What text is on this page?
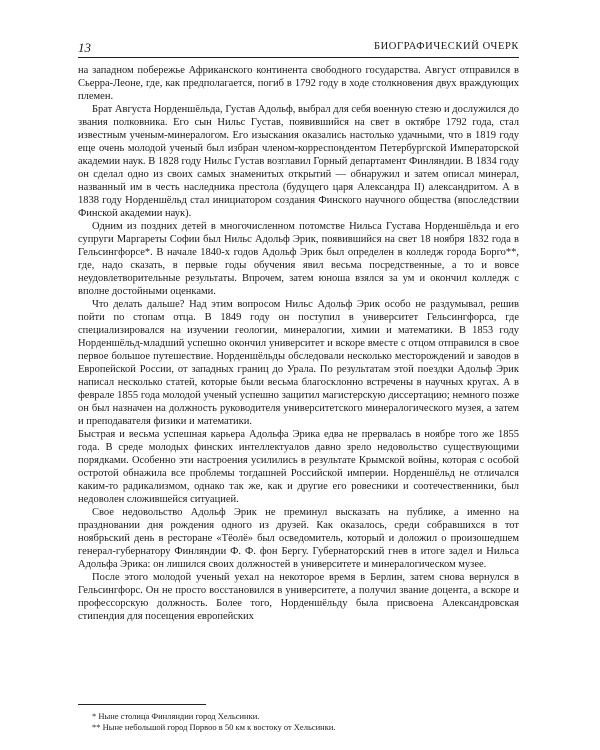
13	БИОГРАФИЧЕСКИЙ ОЧЕРК

на западном побережье Африканского континента свободного государства. Август отправился в Сьерра-Леоне, где, как предполагается, погиб в 1792 году в ходе столкновения двух враждующих племен.

Брат Августа Норденшёльда, Густав Адольф, выбрал для себя военную стезю и дослужился до звания полковника. Его сын Нильс Густав, появившийся на свет в октябре 1792 года, стал известным ученым-минералогом. Его изыскания оказались настолько удачными, что в 1819 году еще очень молодой ученый был избран членом-корреспондентом Петербургской Императорской академии наук. В 1828 году Нильс Густав возглавил Горный департамент Финляндии. В 1834 году он сделал одно из своих самых знаменитых открытий — обнаружил и затем описал минерал, названный им в честь наследника престола (будущего царя Александра II) александритом. А в 1838 году Норденшёльд стал инициатором создания Финского научного общества (впоследствии Финской академии наук).

Одним из поздних детей в многочисленном потомстве Нильса Густава Норденшёльда и его супруги Маргареты Софии был Нильс Адольф Эрик, появившийся на свет 18 ноября 1832 года в Гельсингфорсе*. В начале 1840-х годов Адольф Эрик был определен в колледж города Борго**, где, надо сказать, в первые годы обучения явил весьма посредственные, а то и вовсе неудовлетворительные результаты. Впрочем, затем юноша взялся за ум и окончил колледж с вполне достойными оценками.

Что делать дальше? Над этим вопросом Нильс Адольф Эрик особо не раздумывал, решив пойти по стопам отца. В 1849 году он поступил в университет Гельсингфорса, где специализировался на изучении геологии, минералогии, химии и математики. В 1853 году Норденшёльд-младший успешно окончил университет и вскоре вместе с отцом отправился в свое первое большое путешествие. Норденшёльды обследовали несколько месторождений и заводов в Европейской России, от западных границ до Урала. По результатам этой поездки Адольф Эрик написал несколько статей, которые были весьма благосклонно встречены в научных кругах. А в феврале 1855 года молодой ученый успешно защитил магистерскую диссертацию; немного позже он был назначен на должность руководителя университетского минералогического музея, а затем и преподавателя физики и математики.

Быстрая и весьма успешная карьера Адольфа Эрика едва не прервалась в ноябре того же 1855 года. В среде молодых финских интеллектуалов давно зрело недовольство существующими порядками. Особенно эти настроения усилились в результате Крымской войны, которая с особой остротой обнажила все проблемы тогдашней Российской империи. Норденшёльд не отличался каким-то радикализмом, однако так же, как и другие его ровесники и соотечественники, был недоволен сложившейся ситуацией.

Свое недовольство Адольф Эрик не преминул высказать на публике, а именно на праздновании дня рождения одного из друзей. Как оказалось, среди собравшихся в тот ноябрьский день в ресторане «Тёолё» был осведомитель, который и доложил о произошедшем генерал-губернатору Финляндии Ф. Ф. фон Бергу. Губернаторский гнев в итоге задел и Нильса Адольфа Эрика: он лишился своих должностей в университете и минералогическом музее.

После этого молодой ученый уехал на некоторое время в Берлин, затем снова вернулся в Гельсингфорс. Он не просто восстановился в университете, а получил звание доцента, а вскоре и профессорскую должность. Более того, Норденшёльду была присвоена Александровская стипендия для посещения европейских

* Ныне столица Финляндии город Хельсинки.
** Ныне небольшой город Порвоо в 50 км к востоку от Хельсинки.
